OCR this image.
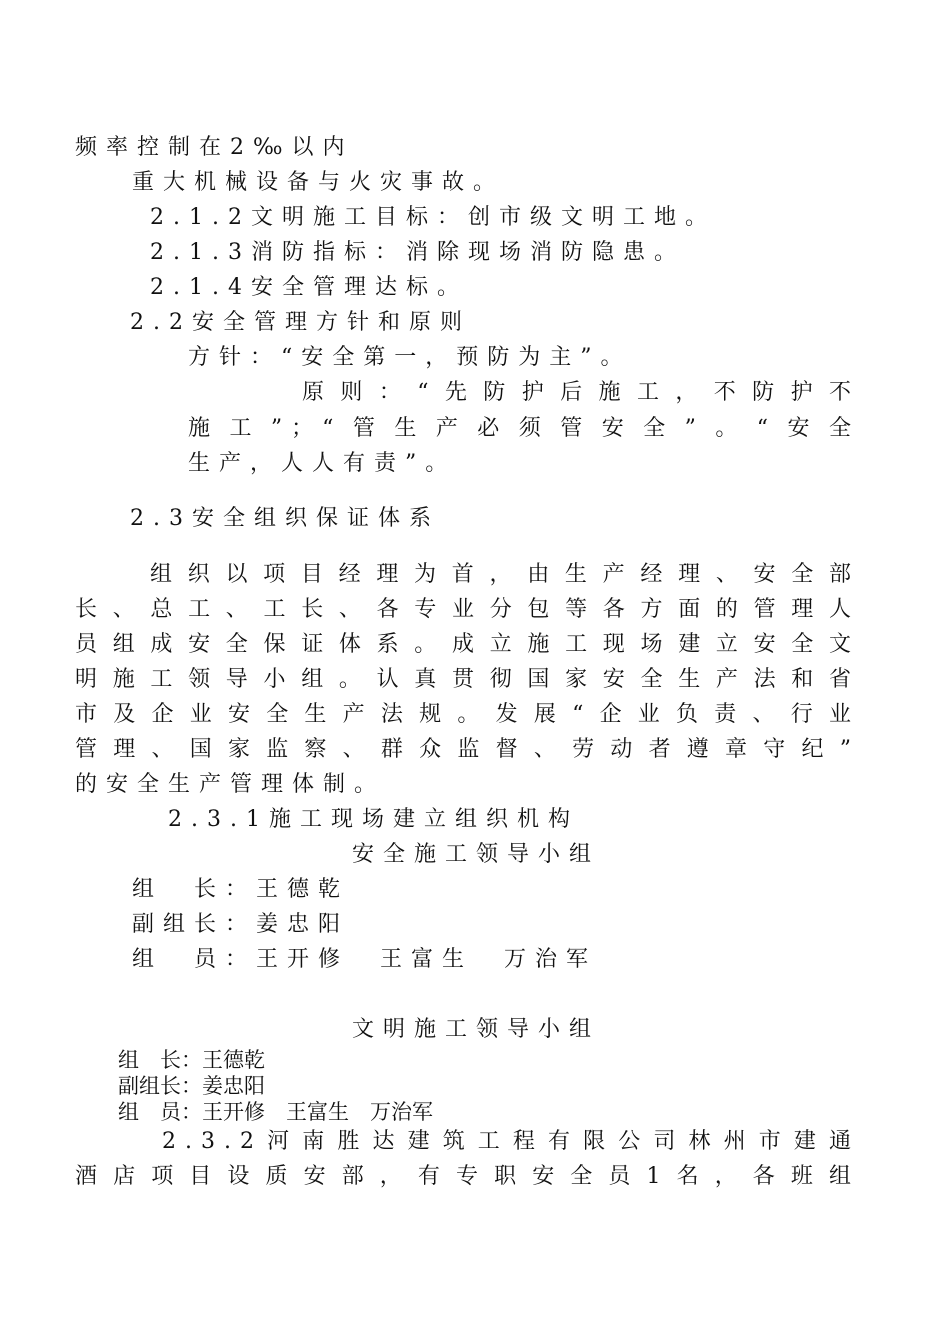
频率控制在2‰以内

重大机械设备与火灾事故。

2.1.2文明施工目标：创市级文明工地。

2.1.3消防指标：消除现场消防隐患。

2.1.4安全管理达标。

2.2安全管理方针和原则

方针：“安全第一，预防为主”。

原则：“先防护后施工，不防护不

施工”；“管生产必须管安全”。“安全

生产，人人有责”。

2.3安全组织保证体系

组织以项目经理为首，由生产经理、安全部

长、总工、工长、各专业分包等各方面的管理人

员组成安全保证体系。成立施工现场建立安全文

明施工领导小组。认真贯彻国家安全生产法和省

市及企业安全生产法规。发展“企业负责、行业

管理、国家监察、群众监督、劳动者遵章守纪”

的安全生产管理体制。

2.3.1施工现场建立组织机构

安全施工领导小组

组　长：王德乾

副组长：姜忠阳

组　员：王开修　王富生　万治军

文明施工领导小组

组　长：王德乾

副组长：姜忠阳

组　员：王开修　王富生　万治军

2.3.2河南胜达建筑工程有限公司林州市建通

酒店项目设质安部，有专职安全员1名，各班组
